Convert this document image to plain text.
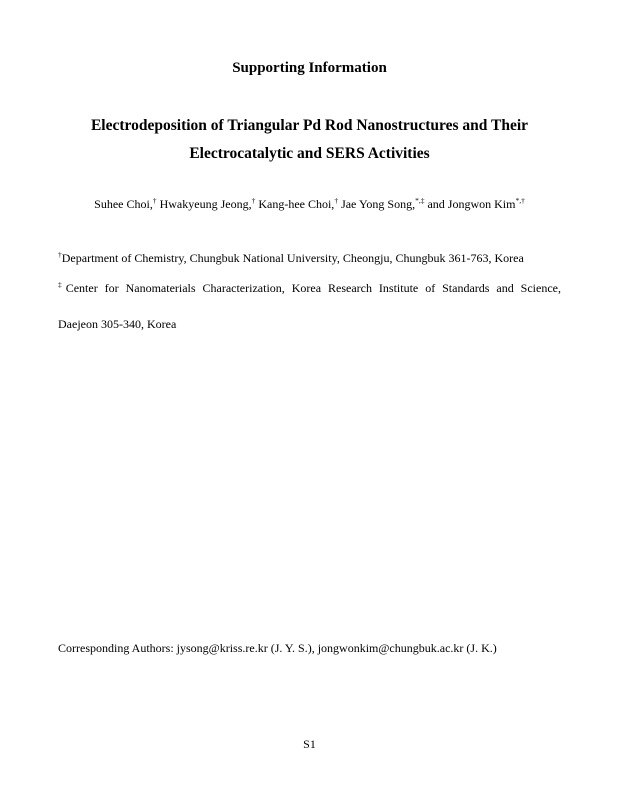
Supporting Information
Electrodeposition of Triangular Pd Rod Nanostructures and Their
Electrocatalytic and SERS Activities
Suhee Choi,† Hwakyeung Jeong,† Kang-hee Choi,† Jae Yong Song,*,‡ and Jongwon Kim*,†
†Department of Chemistry, Chungbuk National University, Cheongju, Chungbuk 361-763, Korea
‡Center for Nanomaterials Characterization, Korea Research Institute of Standards and Science,
Daejeon 305-340, Korea
Corresponding Authors: jysong@kriss.re.kr (J. Y. S.), jongwonkim@chungbuk.ac.kr (J. K.)
S1
